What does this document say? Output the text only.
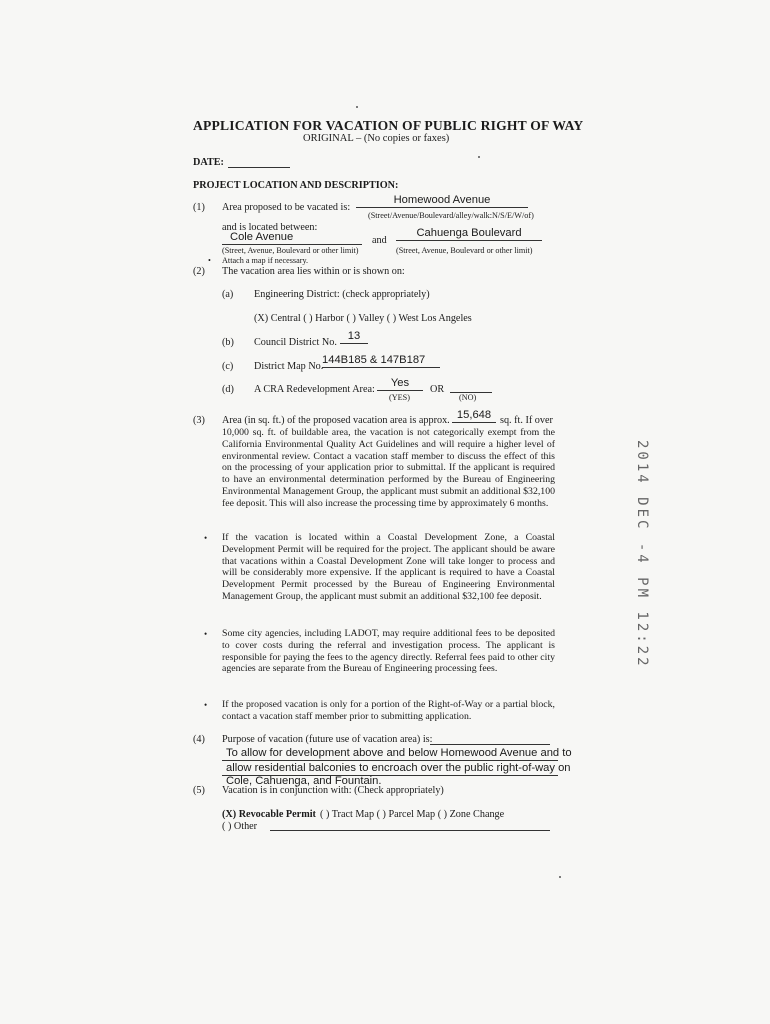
APPLICATION FOR VACATION OF PUBLIC RIGHT OF WAY
ORIGINAL – (No copies or faxes)
DATE:
PROJECT LOCATION AND DESCRIPTION:
(1) Area proposed to be vacated is:
Homewood Avenue
(Street/Avenue/Boulevard/alley/walk:N/S/E/W/of)
and is located between:
Cole Avenue	and
Cahuenga Boulevard
(Street, Avenue, Boulevard or other limit)	(Street, Avenue, Boulevard or other limit)
• Attach a map if necessary.
(2) The vacation area lies within or is shown on:
(a) Engineering District: (check appropriately)
(X) Central ( ) Harbor ( ) Valley ( ) West Los Angeles
(b) Council District No.
13
(c) District Map No.
144B185 & 147B187
(d) A CRA Redevelopment Area:
Yes
OR
(YES)	(NO)
(3) Area (in sq. ft.) of the proposed vacation area is approx. 15,648 sq. ft. If over
10,000 sq. ft. of buildable area, the vacation is not categorically exempt from the California Environmental Quality Act Guidelines and will require a higher level of environmental review. Contact a vacation staff member to discuss the effect of this on the processing of your application prior to submittal. If the applicant is required to have an environmental determination performed by the Bureau of Engineering Environmental Management Group, the applicant must submit an additional $32,100 fee deposit. This will also increase the processing time by approximately 6 months.
• If the vacation is located within a Coastal Development Zone, a Coastal Development Permit will be required for the project. The applicant should be aware that vacations within a Coastal Development Zone will take longer to process and will be considerably more expensive. If the applicant is required to have a Coastal Development Permit processed by the Bureau of Engineering Environmental Management Group, the applicant must submit an additional $32,100 fee deposit.
• Some city agencies, including LADOT, may require additional fees to be deposited to cover costs during the referral and investigation process. The applicant is responsible for paying the fees to the agency directly. Referral fees paid to other city agencies are separate from the Bureau of Engineering processing fees.
• If the proposed vacation is only for a portion of the Right-of-Way or a partial block, contact a vacation staff member prior to submitting application.
(4) Purpose of vacation (future use of vacation area) is:
To allow for development above and below Homewood Avenue and to
allow residential balconies to encroach over the public right-of-way on
Cole, Cahuenga, and Fountain.
(5) Vacation is in conjunction with: (Check appropriately)
(X) Revocable Permit ( ) Tract Map ( ) Parcel Map ( ) Zone Change
( ) Other
2014 DEC -4 PM 12:22
